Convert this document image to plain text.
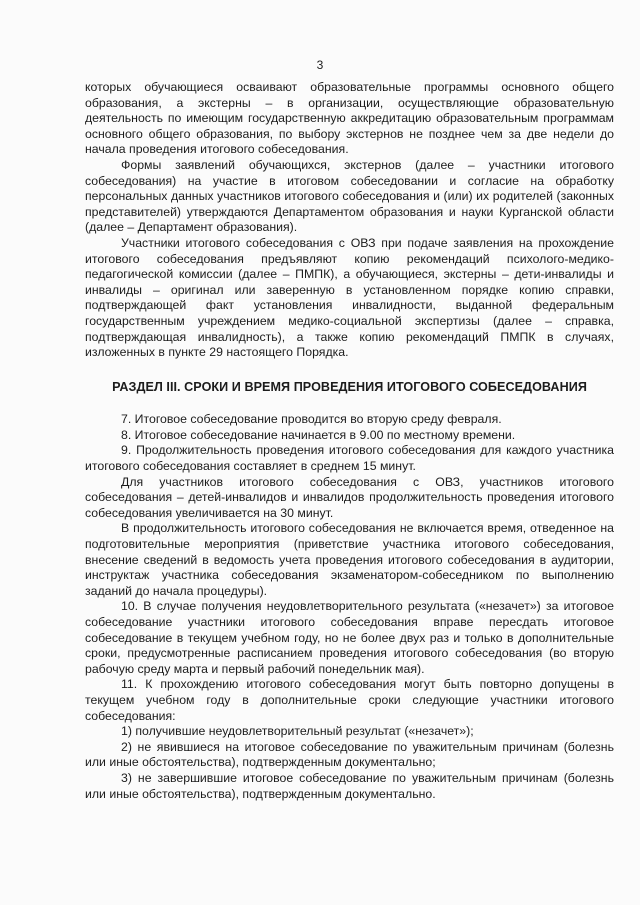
3

которых обучающиеся осваивают образовательные программы основного общего образования, а экстерны – в организации, осуществляющие образовательную деятельность по имеющим государственную аккредитацию образовательным программам основного общего образования, по выбору экстернов не позднее чем за две недели до начала проведения итогового собеседования.

Формы заявлений обучающихся, экстернов (далее – участники итогового собеседования) на участие в итоговом собеседовании и согласие на обработку персональных данных участников итогового собеседования и (или) их родителей (законных представителей) утверждаются Департаментом образования и науки Курганской области (далее – Департамент образования).

Участники итогового собеседования с ОВЗ при подаче заявления на прохождение итогового собеседования предъявляют копию рекомендаций психолого-медико-педагогической комиссии (далее – ПМПК), а обучающиеся, экстерны – дети-инвалиды и инвалиды – оригинал или заверенную в установленном порядке копию справки, подтверждающей факт установления инвалидности, выданной федеральным государственным учреждением медико-социальной экспертизы (далее – справка, подтверждающая инвалидность), а также копию рекомендаций ПМПК в случаях, изложенных в пункте 29 настоящего Порядка.

РАЗДЕЛ III. СРОКИ И ВРЕМЯ ПРОВЕДЕНИЯ ИТОГОВОГО СОБЕСЕДОВАНИЯ

7. Итоговое собеседование проводится во вторую среду февраля.

8. Итоговое собеседование начинается в 9.00 по местному времени.

9. Продолжительность проведения итогового собеседования для каждого участника итогового собеседования составляет в среднем 15 минут.

Для участников итогового собеседования с ОВЗ, участников итогового собеседования – детей-инвалидов и инвалидов продолжительность проведения итогового собеседования увеличивается на 30 минут.

В продолжительность итогового собеседования не включается время, отведенное на подготовительные мероприятия (приветствие участника итогового собеседования, внесение сведений в ведомость учета проведения итогового собеседования в аудитории, инструктаж участника собеседования экзаменатором-собеседником по выполнению заданий до начала процедуры).

10. В случае получения неудовлетворительного результата («незачет») за итоговое собеседование участники итогового собеседования вправе пересдать итоговое собеседование в текущем учебном году, но не более двух раз и только в дополнительные сроки, предусмотренные расписанием проведения итогового собеседования (во вторую рабочую среду марта и первый рабочий понедельник мая).

11. К прохождению итогового собеседования могут быть повторно допущены в текущем учебном году в дополнительные сроки следующие участники итогового собеседования:

1) получившие неудовлетворительный результат («незачет»);

2) не явившиеся на итоговое собеседование по уважительным причинам (болезнь или иные обстоятельства), подтвержденным документально;

3) не завершившие итоговое собеседование по уважительным причинам (болезнь или иные обстоятельства), подтвержденным документально.
